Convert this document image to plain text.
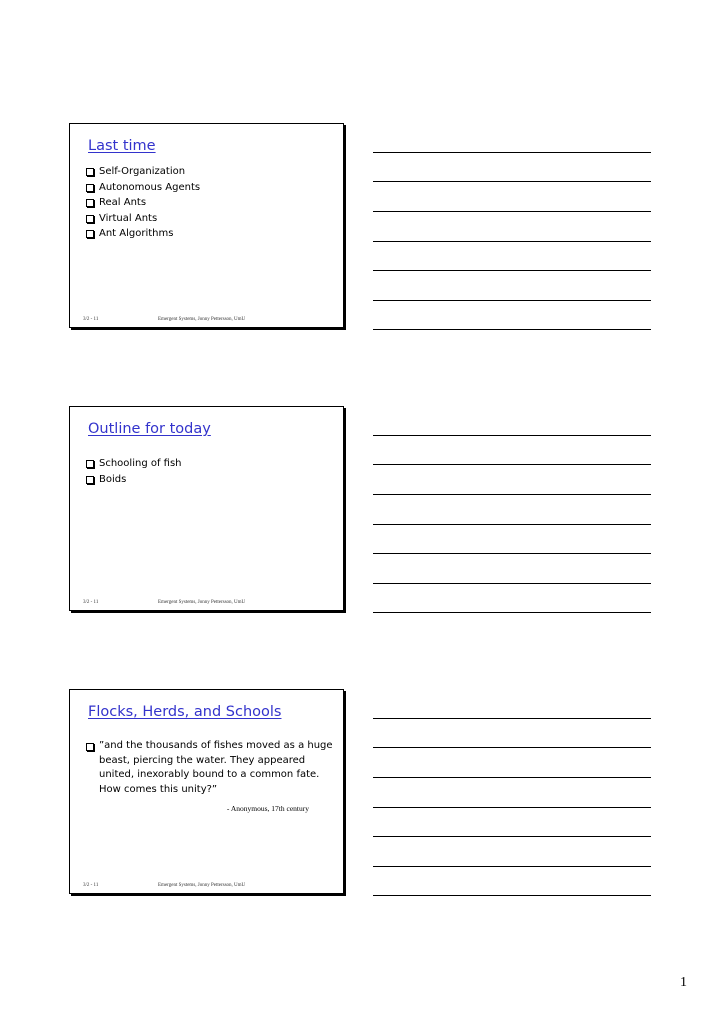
Last time
Self-Organization
Autonomous Agents
Real Ants
Virtual Ants
Ant Algorithms
3/2 - 11	Emergent Systems, Jonny Pettersson, UmU
Outline for today
Schooling of fish
Boids
3/2 - 11	Emergent Systems, Jonny Pettersson, UmU
Flocks, Herds, and Schools
”and the thousands of fishes moved as a huge beast, piercing the water. They appeared united, inexorably bound to a common fate. How comes this unity?”
- Anonymous, 17th century
3/2 - 11	Emergent Systems, Jonny Pettersson, UmU
1
